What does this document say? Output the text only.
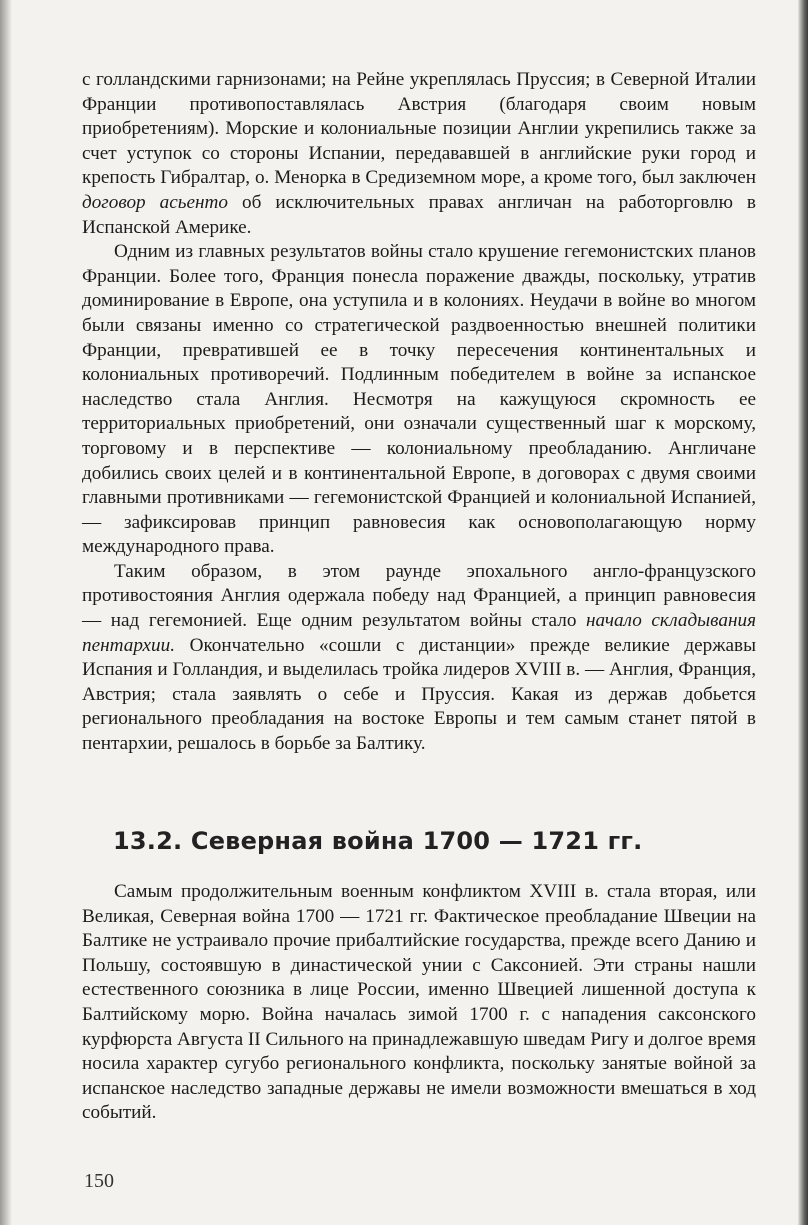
с голландскими гарнизонами; на Рейне укреплялась Пруссия; в Северной Италии Франции противопоставлялась Австрия (благодаря своим новым приобретениям). Морские и колониальные позиции Англии укрепились также за счет уступок со стороны Испании, передававшей в английские руки город и крепость Гибралтар, о. Менорка в Средиземном море, а кроме того, был заключен договор асьенто об исключительных правах англичан на работорговлю в Испанской Америке.

Одним из главных результатов войны стало крушение гегемонистских планов Франции. Более того, Франция понесла поражение дважды, поскольку, утратив доминирование в Европе, она уступила и в колониях. Неудачи в войне во многом были связаны именно со стратегической раздвоенностью внешней политики Франции, превратившей ее в точку пересечения континентальных и колониальных противоречий. Подлинным победителем в войне за испанское наследство стала Англия. Несмотря на кажущуюся скромность ее территориальных приобретений, они означали существенный шаг к морскому, торговому и в перспективе — колониальному преобладанию. Англичане добились своих целей и в континентальной Европе, в договорах с двумя своими главными противниками — гегемонистской Францией и колониальной Испанией, — зафиксировав принцип равновесия как основополагающую норму международного права.

Таким образом, в этом раунде эпохального англо-французского противостояния Англия одержала победу над Францией, а принцип равновесия — над гегемонией. Еще одним результатом войны стало начало складывания пентархии. Окончательно «сошли с дистанции» прежде великие державы Испания и Голландия, и выделилась тройка лидеров XVIII в. — Англия, Франция, Австрия; стала заявлять о себе и Пруссия. Какая из держав добьется регионального преобладания на востоке Европы и тем самым станет пятой в пентархии, решалось в борьбе за Балтику.

13.2. Северная война 1700 — 1721 гг.

Самым продолжительным военным конфликтом XVIII в. стала вторая, или Великая, Северная война 1700 — 1721 гг. Фактическое преобладание Швеции на Балтике не устраивало прочие прибалтийские государства, прежде всего Данию и Польшу, состоявшую в династической унии с Саксонией. Эти страны нашли естественного союзника в лице России, именно Швецией лишенной доступа к Балтийскому морю. Война началась зимой 1700 г. с нападения саксонского курфюрста Августа II Сильного на принадлежавшую шведам Ригу и долгое время носила характер сугубо регионального конфликта, поскольку занятые войной за испанское наследство западные державы не имели возможности вмешаться в ход событий.

150
